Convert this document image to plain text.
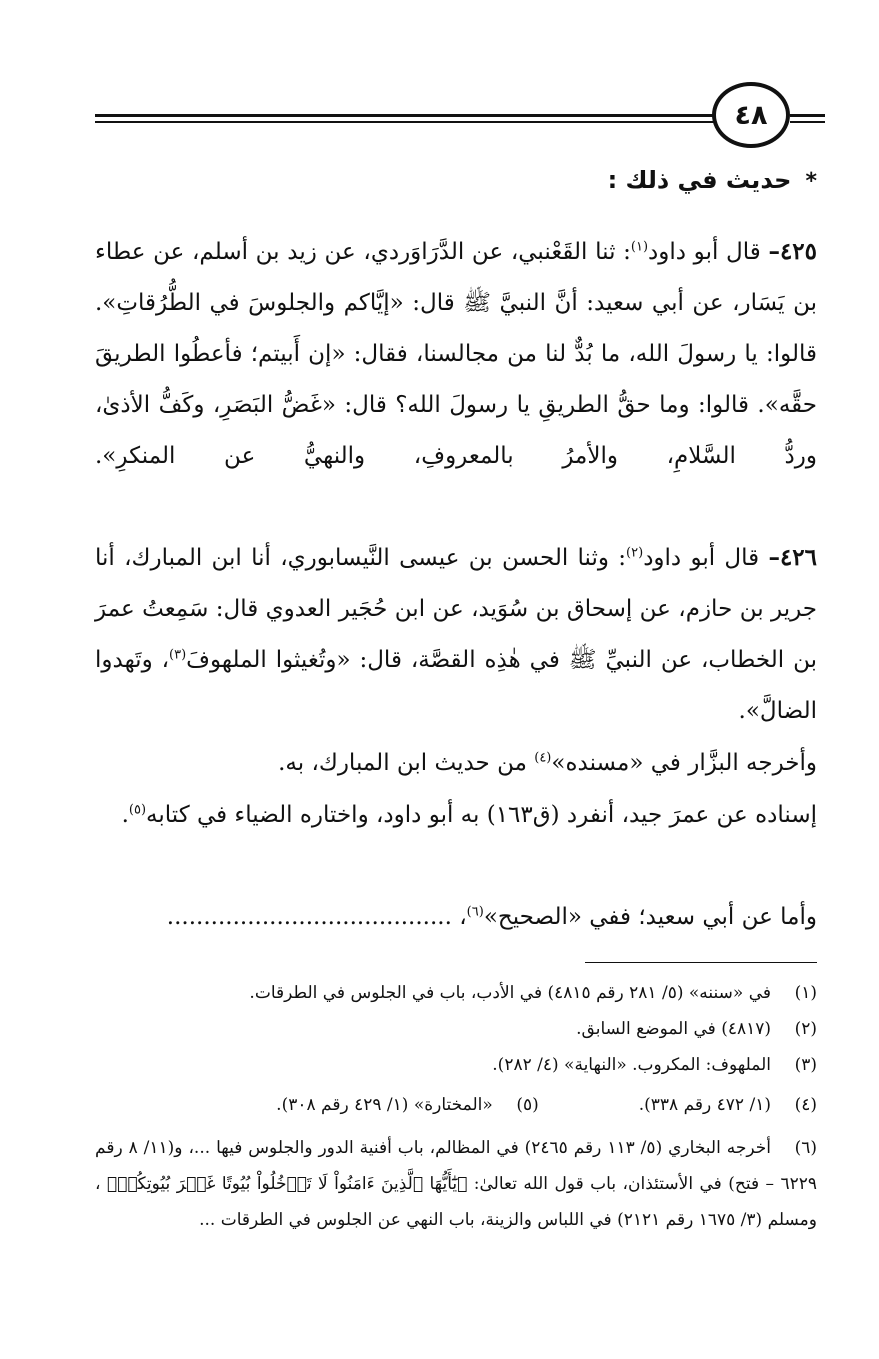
٤٨
*حديث في ذلك :
٤٢٥– قال أبو داود$^{(١)}$: ثنا القَعْنبي، عن الدَّرَاوَردي، عن زيد بن أسلم، عن عطاء بن يَسَار، عن أبي سعيد: أنَّ النبيَّ ﷺ قال: «إيَّاكم والجلوسَ في الطُّرُقاتِ». قالوا: يا رسولَ الله، ما بُدٌّ لنا من مجالسنا، فقال: «إن أَبيتم؛ فأعطُوا الطريقَ حقَّه». قالوا: وما حقُّ الطريقِ يا رسولَ الله؟ قال: «غَضُّ البَصَرِ، وكَفُّ الأذىٰ، وردُّ السَّلامِ، والأمرُ بالمعروفِ، والنهيُّ عن المنكرِ».
٤٢٦– قال أبو داود$^{(٢)}$: وثنا الحسن بن عيسى النَّيسابوري، أنا ابن المبارك، أنا جرير بن حازم، عن إسحاق بن سُوَيد، عن ابن حُجَير العدوي قال: سَمِعتُ عمرَ بن الخطاب، عن النبيِّ ﷺ في هٰذِه القصَّة، قال: «وتُغيثوا الملهوفَ$^{(٣)}$، وتَهدوا الضالَّ».
وأخرجه البزَّار في «مسنده»$^{(٤)}$ من حديث ابن المبارك، به.
إسناده عن عمرَ جيد، أنفرد (ق١٦٣) به أبو داود، واختاره الضياء في كتابه$^{(٥)}$.
وأما عن أبي سعيد؛ ففي «الصحيح»$^{(٦)}$، .......................................
(١)في «سننه» (٥/ ٢٨١ رقم ٤٨١٥) في الأدب، باب في الجلوس في الطرقات.
(٢)(٤٨١٧) في الموضع السابق.
(٣)الملهوف: المكروب. «النهاية» (٤/ ٢٨٢).
(٤)(١/ ٤٧٢ رقم ٣٣٨).(٥)«المختارة» (١/ ٤٢٩ رقم ٣٠٨).
(٦)أخرجه البخاري (٥/ ١١٣ رقم ٢٤٦٥) في المظالم، باب أفنية الدور والجلوس فيها ...، و(١١/ ٨ رقم ٦٢٢٩ – فتح) في الأستئذان، باب قول الله تعالىٰ: ﴿يَٰٓأَيُّهَا ٱلَّذِينَ ءَامَنُواْ لَا تَدۡخُلُواْ بُيُوتًا غَيۡرَ بُيُوتِكُمۡ﴾ ، ومسلم (٣/ ١٦٧٥ رقم ٢١٢١) في اللباس والزينة، باب النهي عن الجلوس في الطرقات ...
